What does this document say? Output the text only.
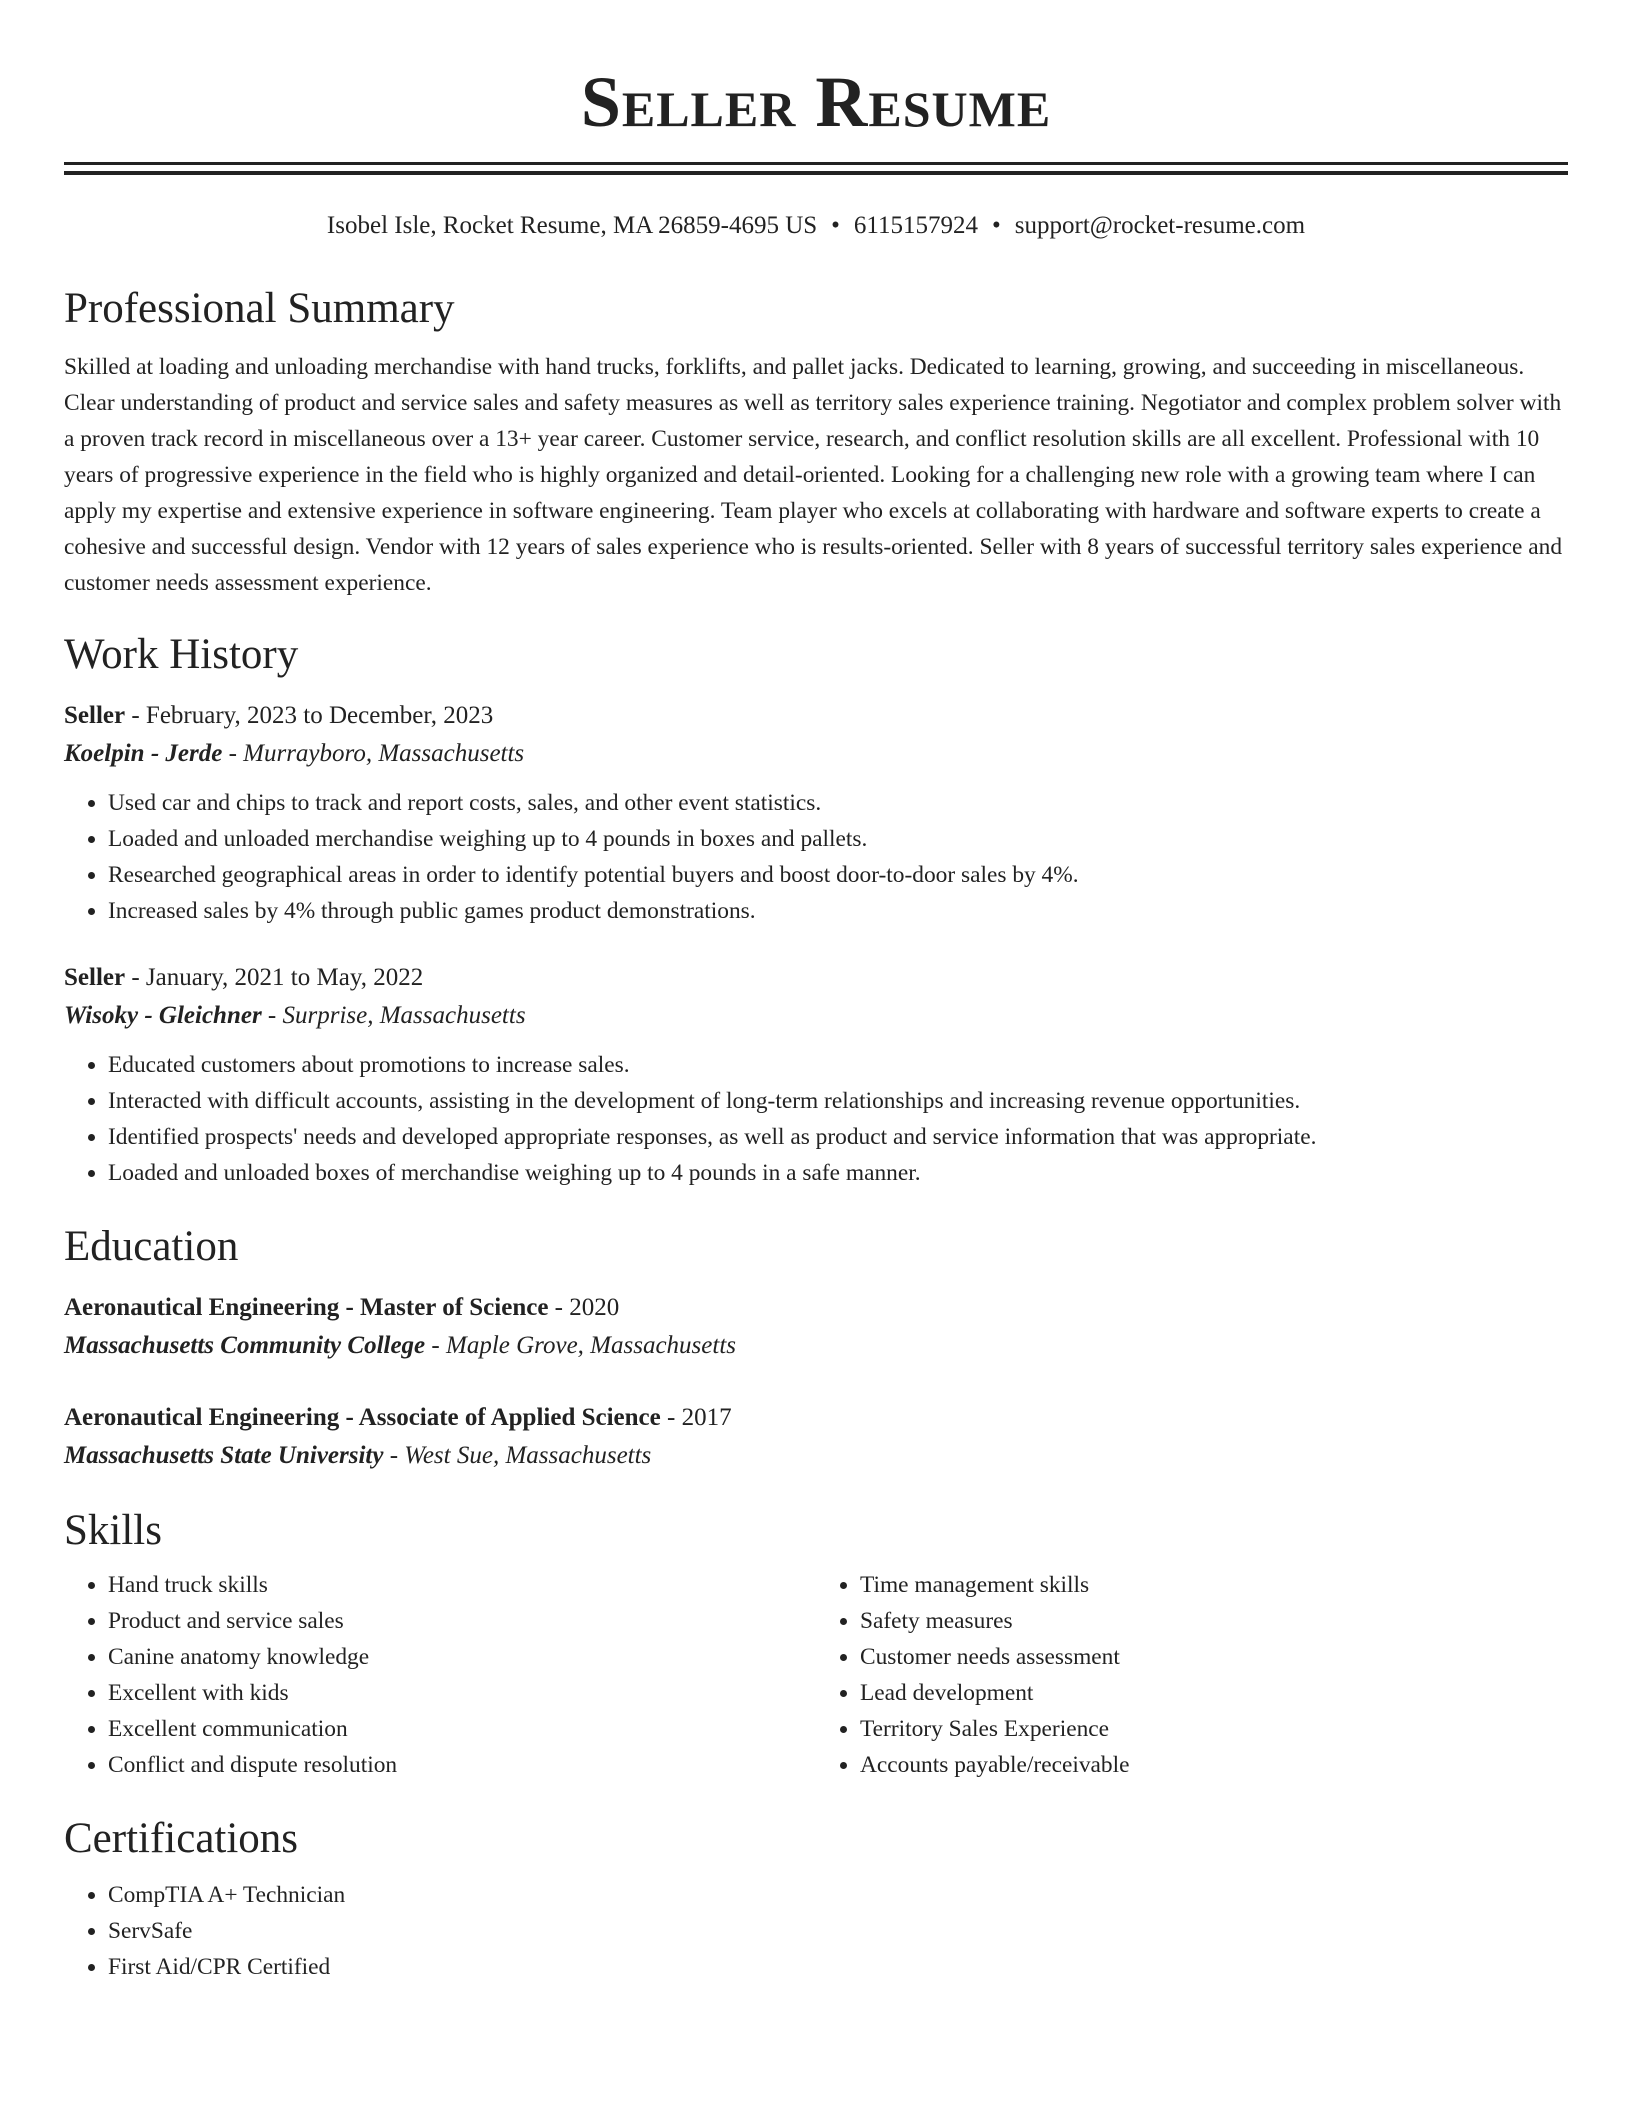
Seller Resume
Isobel Isle, Rocket Resume, MA 26859-4695 US • 6115157924 • support@rocket-resume.com
Professional Summary

Skilled at loading and unloading merchandise with hand trucks, forklifts, and pallet jacks. Dedicated to learning, growing, and succeeding in miscellaneous. Clear understanding of product and service sales and safety measures as well as territory sales experience training. Negotiator and complex problem solver with a proven track record in miscellaneous over a 13+ year career. Customer service, research, and conflict resolution skills are all excellent. Professional with 10 years of progressive experience in the field who is highly organized and detail-oriented. Looking for a challenging new role with a growing team where I can apply my expertise and extensive experience in software engineering. Team player who excels at collaborating with hardware and software experts to create a cohesive and successful design. Vendor with 12 years of sales experience who is results-oriented. Seller with 8 years of successful territory sales experience and customer needs assessment experience.

Work History
Seller - February, 2023 to December, 2023
Koelpin - Jerde - Murrayboro, Massachusetts
• Used car and chips to track and report costs, sales, and other event statistics.
• Loaded and unloaded merchandise weighing up to 4 pounds in boxes and pallets.
• Researched geographical areas in order to identify potential buyers and boost door-to-door sales by 4%.
• Increased sales by 4% through public games product demonstrations.
Seller - January, 2021 to May, 2022
Wisoky - Gleichner - Surprise, Massachusetts
• Educated customers about promotions to increase sales.
• Interacted with difficult accounts, assisting in the development of long-term relationships and increasing revenue opportunities.
• Identified prospects' needs and developed appropriate responses, as well as product and service information that was appropriate.
• Loaded and unloaded boxes of merchandise weighing up to 4 pounds in a safe manner.
Education
Aeronautical Engineering - Master of Science - 2020
Massachusetts Community College - Maple Grove, Massachusetts
Aeronautical Engineering - Associate of Applied Science - 2017
Massachusetts State University - West Sue, Massachusetts
Skills
• Hand truck skills
• Product and service sales
• Canine anatomy knowledge
• Excellent with kids
• Excellent communication
• Conflict and dispute resolution
• Time management skills
• Safety measures
• Customer needs assessment
• Lead development
• Territory Sales Experience
• Accounts payable/receivable
Certifications
• CompTIA A+ Technician
• ServSafe
• First Aid/CPR Certified
